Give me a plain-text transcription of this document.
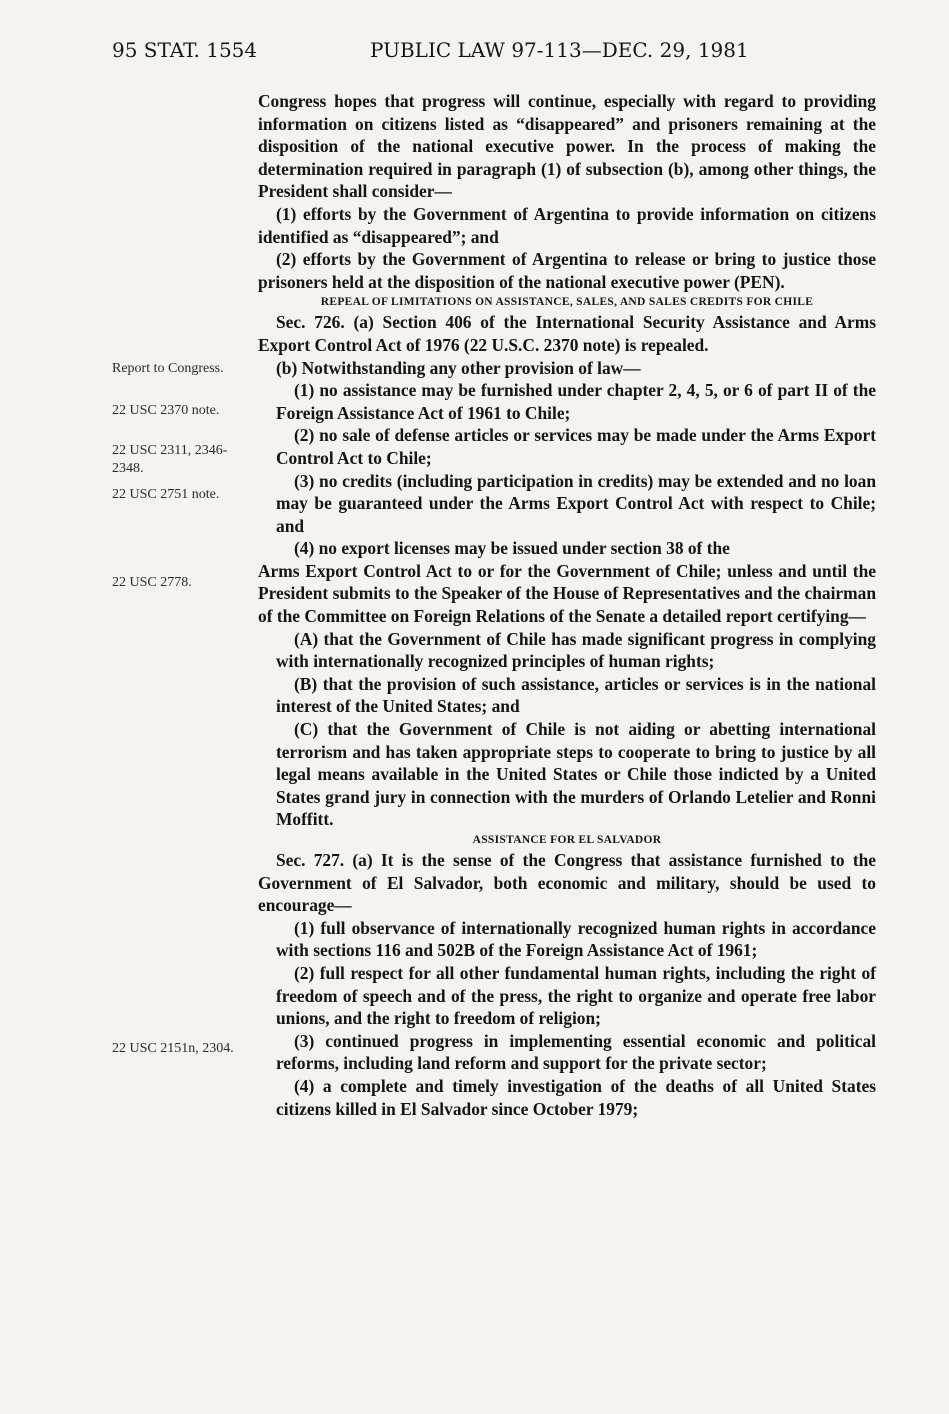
95 STAT. 1554	PUBLIC LAW 97-113—DEC. 29, 1981
Report to Congress.
22 USC 2370 note.
22 USC 2311, 2346-2348.
22 USC 2751 note.
22 USC 2778.
22 USC 2151n, 2304.

Congress hopes that progress will continue, especially with regard to providing information on citizens listed as “disappeared” and prisoners remaining at the disposition of the national executive power. In the process of making the determination required in paragraph (1) of subsection (b), among other things, the President shall consider—

(1) efforts by the Government of Argentina to provide information on citizens identified as “disappeared”; and

(2) efforts by the Government of Argentina to release or bring to justice those prisoners held at the disposition of the national executive power (PEN).

REPEAL OF LIMITATIONS ON ASSISTANCE, SALES, AND SALES CREDITS FOR CHILE

Sec. 726. (a) Section 406 of the International Security Assistance and Arms Export Control Act of 1976 (22 U.S.C. 2370 note) is repealed.

(b) Notwithstanding any other provision of law—

(1) no assistance may be furnished under chapter 2, 4, 5, or 6 of part II of the Foreign Assistance Act of 1961 to Chile;

(2) no sale of defense articles or services may be made under the Arms Export Control Act to Chile;

(3) no credits (including participation in credits) may be extended and no loan may be guaranteed under the Arms Export Control Act with respect to Chile; and

(4) no export licenses may be issued under section 38 of the

Arms Export Control Act to or for the Government of Chile; unless and until the President submits to the Speaker of the House of Representatives and the chairman of the Committee on Foreign Relations of the Senate a detailed report certifying—

(A) that the Government of Chile has made significant progress in complying with internationally recognized principles of human rights;

(B) that the provision of such assistance, articles or services is in the national interest of the United States; and

(C) that the Government of Chile is not aiding or abetting international terrorism and has taken appropriate steps to cooperate to bring to justice by all legal means available in the United States or Chile those indicted by a United States grand jury in connection with the murders of Orlando Letelier and Ronni Moffitt.

ASSISTANCE FOR EL SALVADOR

Sec. 727. (a) It is the sense of the Congress that assistance furnished to the Government of El Salvador, both economic and military, should be used to encourage—

(1) full observance of internationally recognized human rights in accordance with sections 116 and 502B of the Foreign Assistance Act of 1961;

(2) full respect for all other fundamental human rights, including the right of freedom of speech and of the press, the right to organize and operate free labor unions, and the right to freedom of religion;

(3) continued progress in implementing essential economic and political reforms, including land reform and support for the private sector;

(4) a complete and timely investigation of the deaths of all United States citizens killed in El Salvador since October 1979;
